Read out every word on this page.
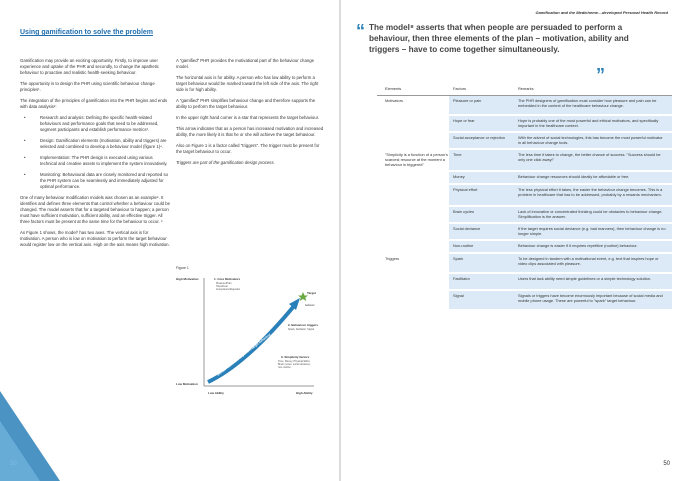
Using gamification to solve the problem

Gamification may provide an exciting opportunity. Firstly, to improve user experience and uptake of the PHR and secondly, to change the apathetic behaviour to proactive and realistic health-seeking behaviour.

The opportunity is to design the PHR using scientific behaviour change principles¹.

The integration of the principles of gamification into the PHR begins and ends with data analysis²:

• Research and analysis: Defining the specific health-related behaviours and performance goals that need to be addressed, segment participants and establish performance metrics³.
• Design: Gamification elements (motivation, ability and triggers) are selected and combined to develop a behaviour model (figure 1)⁴.
• Implementation: The PHR design is executed using various technical and creative assets to implement the system innovatively.
• Monitoring: Behavioural data are closely monitored and reported so the PHR system can be seamlessly and immediately adjusted for optimal performance.

One of many behaviour modification models was chosen as an example⁵. It identifies and defines three elements that control whether a behaviour could be changed. The model asserts that for a targeted behaviour to happen; a person must have sufficient motivation, sufficient ability, and an effective trigger. All three factors must be present at the same time for the behaviour to occur. ⁶

As Figure 1 shows, the model⁷ has two axes. The vertical axis is for motivation. A person who is low on motivation to perform the target behaviour would register low on the vertical axis. High on the axis means high motivation.

A "gamified" PHR provides the motivational part of the behaviour change model.

The horizontal axis is for ability. A person who has low ability to perform a target behaviour would be marked toward the left side of the axis. The right side is for high ability.

A "gamified" PHR simplifies behaviour change and therefore supports the ability to perform the target behaviour.

In the upper right hand corner is a star that represents the target behaviour.

This arrow indicates that as a person has increased motivation and increased ability, the more likely it is that he or she will achieve the target behaviour.

Also on Figure 1 is a factor called "triggers". The trigger must be present for the target behaviour to occur.

Triggers are part of the gamification design process.

Figure 1
High Motivation
Low Motivation
Low Ability	High Ability
1. Core Motivators
Pleasure/Pain
Hope/Fear
Acceptance/Rejection
Increase likelihood to perform target behaviour
Target
behavior
2. Behaviour triggers
Spark, facilitator, Signal
3. Simplicity factors
Time, Money, Physical Effort,
Brain cycles, social deviance,
non-routine
30
Gamification and the Medicheme—developed Personal Health Record
“ The model⁸ asserts that when people are persuaded to perform a behaviour, then three elements of the plan – motivation, ability and triggers – have to come together simultaneously.
”
Elements	Factors	Remarks
Motivators	Pleasure or pain	The PHR designers of gamification must consider how pleasure and pain can be embedded in the context of the healthcare behaviour change.
Hope or fear	Hope is probably one of the most powerful and ethical motivators, and specifically important in the healthcare context.
Social acceptance or rejection	With the advent of social technologies, this has become the most powerful motivator in all behaviour change tools.
"Simplicity is a function of a person's scarcest resource at the moment a behaviour is triggered"
Time	The less time it takes to change, the better chance of success. "Success should be only one click away!"
Money	Behaviour change resources should ideally be affordable or free.
Physical effort	The less physical effort it takes, the easier the behaviour change becomes. This is a problem in healthcare that has to be addressed, probably by a rewards mechanism.
Brain cycles	Lack of innovative or concentrated thinking could be obstacles to behaviour change. Simplification is the answer.
Social deviance	If the target requires social deviance (e.g. bad manners), then behaviour change is no longer simple.
Non-routine	Behaviour change is easier if it requires repetitive (routine) behaviour.
Triggers	Spark	To be designed in tandem with a motivational event, e.g. text that inspires hope or video clips associated with pleasure.
Facilitator	Users that lack ability need simple guidelines or a simple technology solution.
Signal	Signals or triggers have become enormously important because of social media and mobile phone usage. These are powerful to "spark" target behaviour.
50
